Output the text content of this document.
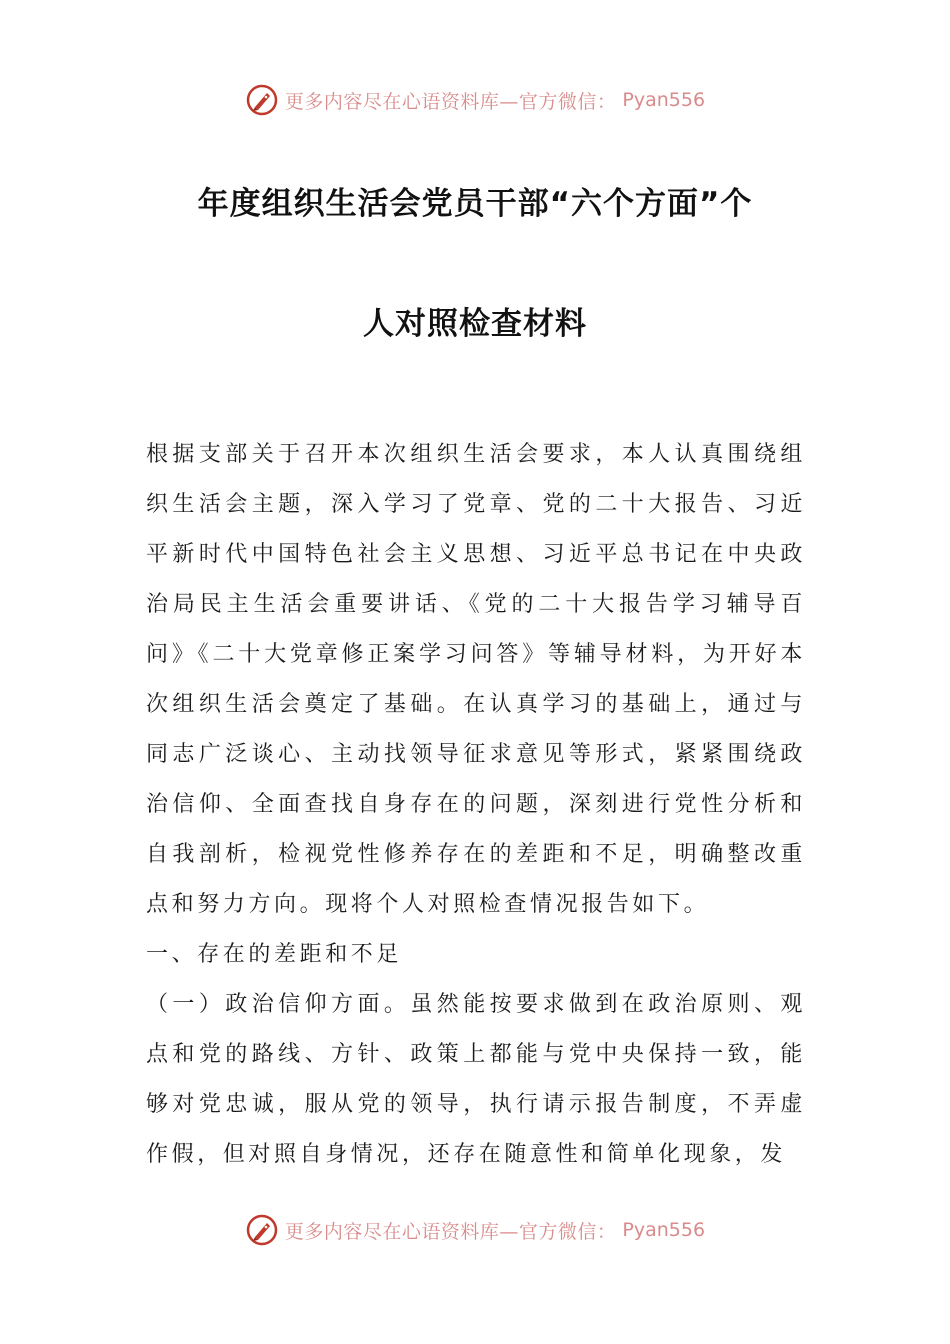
更多内容尽在心语资料库—官方微信： Pyan556
年度组织生活会党员干部“六个方面”个
人对照检查材料

根据支部关于召开本次组织生活会要求，本人认真围绕组织生活会主题，深入学习了党章、党的二十大报告、习近平新时代中国特色社会主义思想、习近平总书记在中央政治局民主生活会重要讲话、《党的二十大报告学习辅导百问》《二十大党章修正案学习问答》等辅导材料，为开好本次组织生活会奠定了基础。在认真学习的基础上，通过与同志广泛谈心、主动找领导征求意见等形式，紧紧围绕政治信仰、全面查找自身存在的问题，深刻进行党性分析和自我剖析，检视党性修养存在的差距和不足，明确整改重点和努力方向。现将个人对照检查情况报告如下。

一、存在的差距和不足

（一）政治信仰方面。虽然能按要求做到在政治原则、观点和党的路线、方针、政策上都能与党中央保持一致，能够对党忠诚，服从党的领导，执行请示报告制度，不弄虚作假，但对照自身情况，还存在随意性和简单化现象，发

更多内容尽在心语资料库—官方微信： Pyan556
